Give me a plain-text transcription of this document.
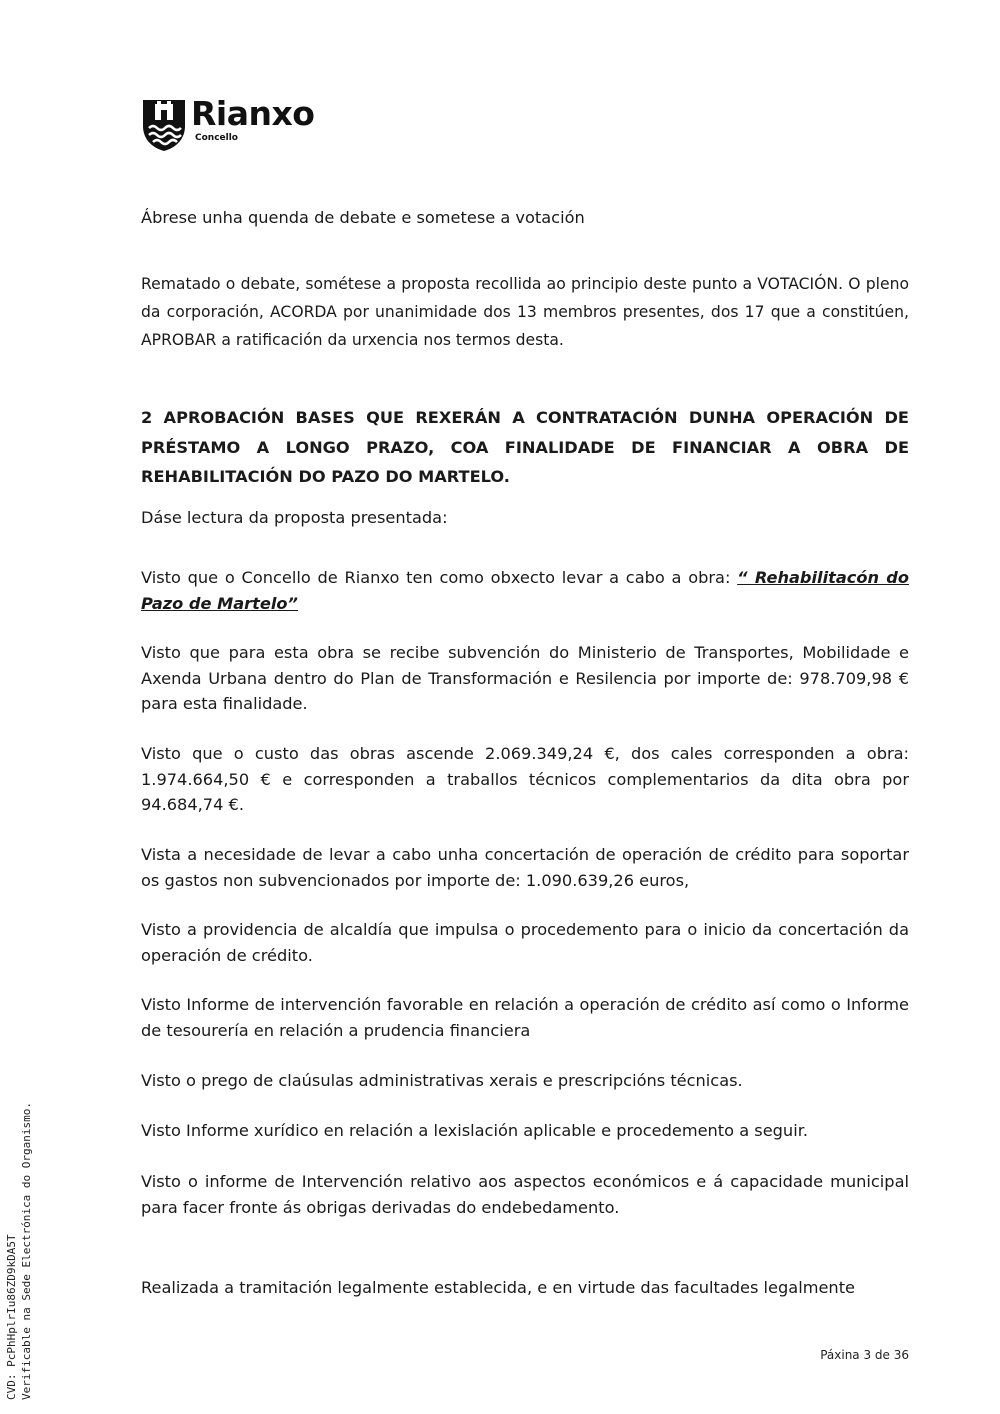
Rianxo
Concello

Ábrese unha quenda de debate e sometese a votación

Rematado o debate, sométese a proposta recollida ao principio deste punto a VOTACIÓN. O pleno da corporación, ACORDA por unanimidade dos 13 membros presentes, dos 17 que a constitúen, APROBAR a ratificación da urxencia nos termos desta.

2 APROBACIÓN BASES QUE REXERÁN A CONTRATACIÓN DUNHA OPERACIÓN DE PRÉSTAMO A LONGO PRAZO, COA FINALIDADE DE FINANCIAR A OBRA DE REHABILITACIÓN DO PAZO DO MARTELO.

Dáse lectura da proposta presentada:

Visto que o Concello de Rianxo ten como obxecto levar a cabo a obra: “ Rehabilitacón do Pazo de Martelo”

Visto que para esta obra se recibe subvención do Ministerio de Transportes, Mobilidade e Axenda Urbana dentro do Plan de Transformación e Resilencia por importe de: 978.709,98 € para esta finalidade.

Visto que o custo das obras ascende 2.069.349,24 €, dos cales corresponden a obra: 1.974.664,50 € e corresponden a traballos técnicos complementarios da dita obra por 94.684,74 €.

Vista a necesidade de levar a cabo unha concertación de operación de crédito para soportar os gastos non subvencionados por importe de: 1.090.639,26 euros,

Visto a providencia de alcaldía que impulsa o procedemento para o inicio da concertación da operación de crédito.

Visto Informe de intervención favorable en relación a operación de crédito así como o Informe de tesourería en relación a prudencia financiera

Visto o prego de claúsulas administrativas xerais e prescripcións técnicas.

Visto Informe xurídico en relación a lexislación aplicable e procedemento a seguir.

Visto o informe de Intervención relativo aos aspectos económicos e á capacidade municipal para facer fronte ás obrigas derivadas do endebedamento.

Realizada a tramitación legalmente establecida, e en virtude das facultades legalmente

CVD: PcPhHplrIu86ZD9kDA5T Verificable na Sede Electrónica do Organismo.	Páxina 3 de 36
